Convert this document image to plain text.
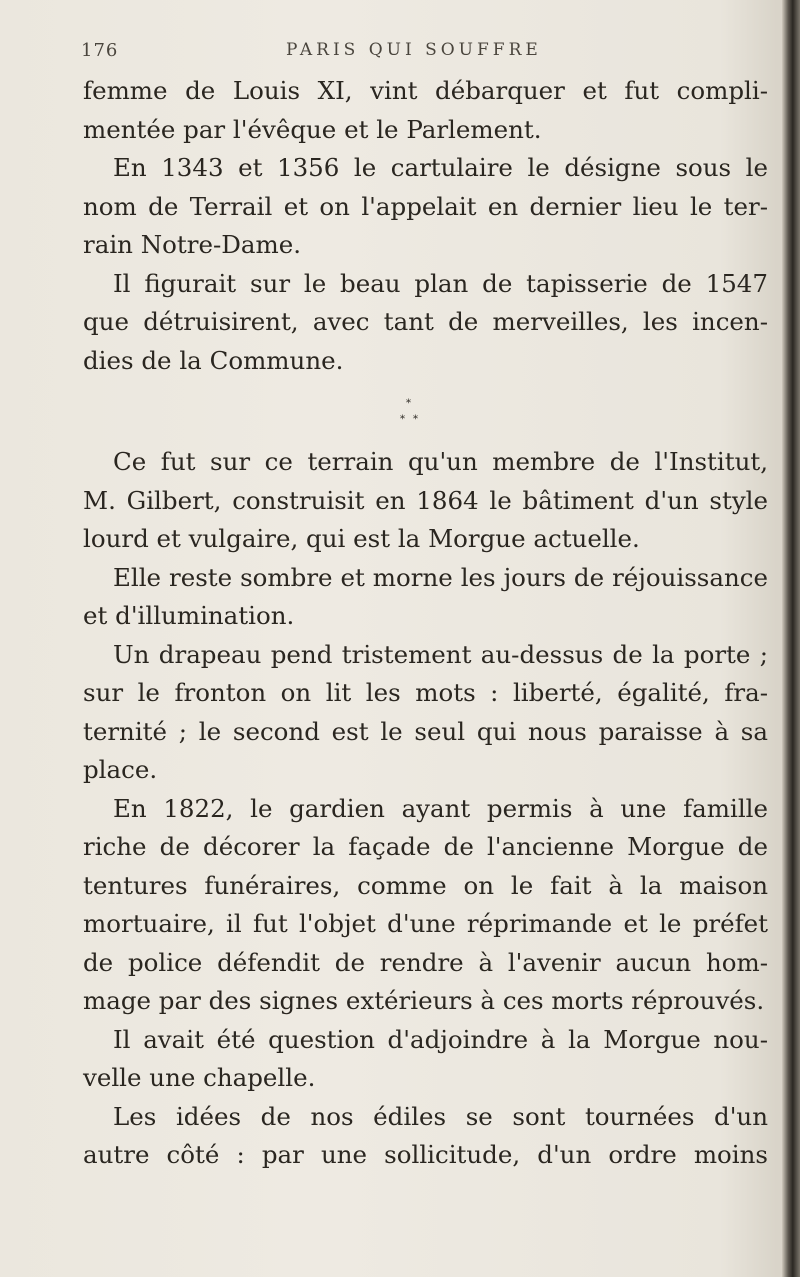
176	PARIS QUI SOUFFRE
femme de Louis XI, vint débarquer et fut compli-
mentée par l'évêque et le Parlement.
En 1343 et 1356 le cartulaire le désigne sous le
nom de Terrail et on l'appelait en dernier lieu le ter-
rain Notre-Dame.
Il figurait sur le beau plan de tapisserie de 1547
que détruisirent, avec tant de merveilles, les incen-
dies de la Commune.
*
* *
Ce fut sur ce terrain qu'un membre de l'Institut,
M. Gilbert, construisit en 1864 le bâtiment d'un style
lourd et vulgaire, qui est la Morgue actuelle.
Elle reste sombre et morne les jours de réjouissance
et d'illumination.
Un drapeau pend tristement au-dessus de la porte ;
sur le fronton on lit les mots : liberté, égalité, fra-
ternité ; le second est le seul qui nous paraisse à sa
place.
En 1822, le gardien ayant permis à une famille
riche de décorer la façade de l'ancienne Morgue de
tentures funéraires, comme on le fait à la maison
mortuaire, il fut l'objet d'une réprimande et le préfet
de police défendit de rendre à l'avenir aucun hom-
mage par des signes extérieurs à ces morts réprouvés.
Il avait été question d'adjoindre à la Morgue nou-
velle une chapelle.
Les idées de nos édiles se sont tournées d'un
autre côté : par une sollicitude, d'un ordre moins
